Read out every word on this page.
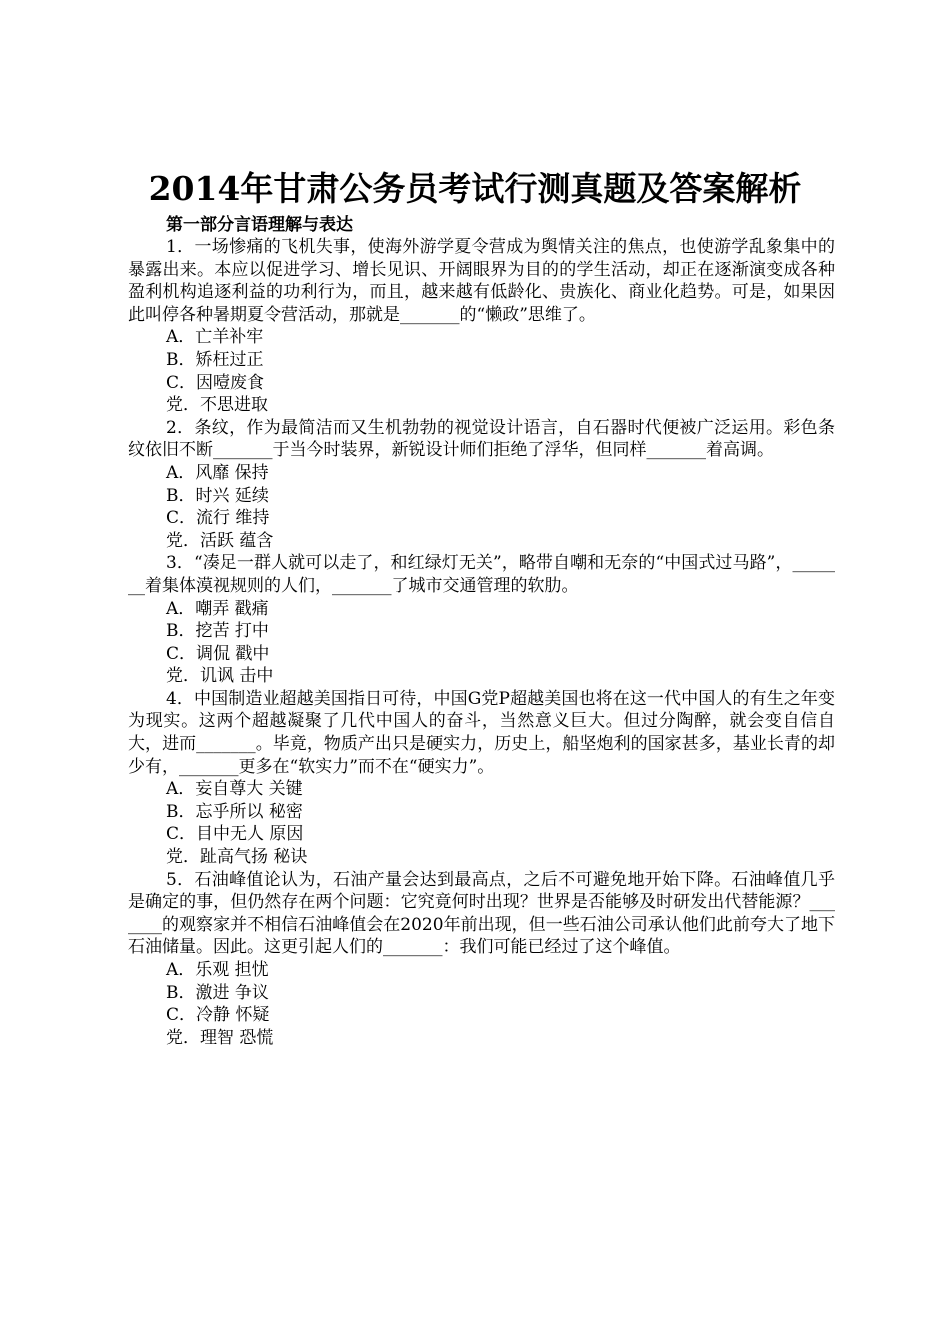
2014年甘肃公务员考试行测真题及答案解析
第一部分言语理解与表达

1．一场惨痛的飞机失事，使海外游学夏令营成为舆情关注的焦点，也使游学乱象集中的暴露出来。本应以促进学习、增长见识、开阔眼界为目的的学生活动，却正在逐渐演变成各种盈利机构追逐利益的功利行为，而且，越来越有低龄化、贵族化、商业化趋势。可是，如果因此叫停各种暑期夏令营活动，那就是_______的“懒政”思维了。

A．亡羊补牢

B．矫枉过正

C．因噎废食

党．不思进取

2．条纹，作为最简洁而又生机勃勃的视觉设计语言，自石器时代便被广泛运用。彩色条纹依旧不断_______于当今时装界，新锐设计师们拒绝了浮华，但同样_______着高调。

A．风靡 保持

B．时兴 延续

C．流行 维持

党．活跃 蕴含

3．“凑足一群人就可以走了，和红绿灯无关”，略带自嘲和无奈的“中国式过马路”，_______着集体漠视规则的人们，_______了城市交通管理的软肋。

A．嘲弄 戳痛

B．挖苦 打中

C．调侃 戳中

党．讥讽 击中

4．中国制造业超越美国指日可待，中国G党P超越美国也将在这一代中国人的有生之年变为现实。这两个超越凝聚了几代中国人的奋斗，当然意义巨大。但过分陶醉，就会变自信自大，进而_______。毕竟，物质产出只是硬实力，历史上，船坚炮利的国家甚多，基业长青的却少有，_______更多在“软实力”而不在“硬实力”。

A．妄自尊大 关键

B．忘乎所以 秘密

C．目中无人 原因

党．趾高气扬 秘诀

5．石油峰值论认为，石油产量会达到最高点，之后不可避免地开始下降。石油峰值几乎是确定的事，但仍然存在两个问题：它究竟何时出现？世界是否能够及时研发出代替能源？_______的观察家并不相信石油峰值会在2020年前出现，但一些石油公司承认他们此前夸大了地下石油储量。因此。这更引起人们的_______：我们可能已经过了这个峰值。

A．乐观 担忧

B．激进 争议

C．冷静 怀疑

党．理智 恐慌
